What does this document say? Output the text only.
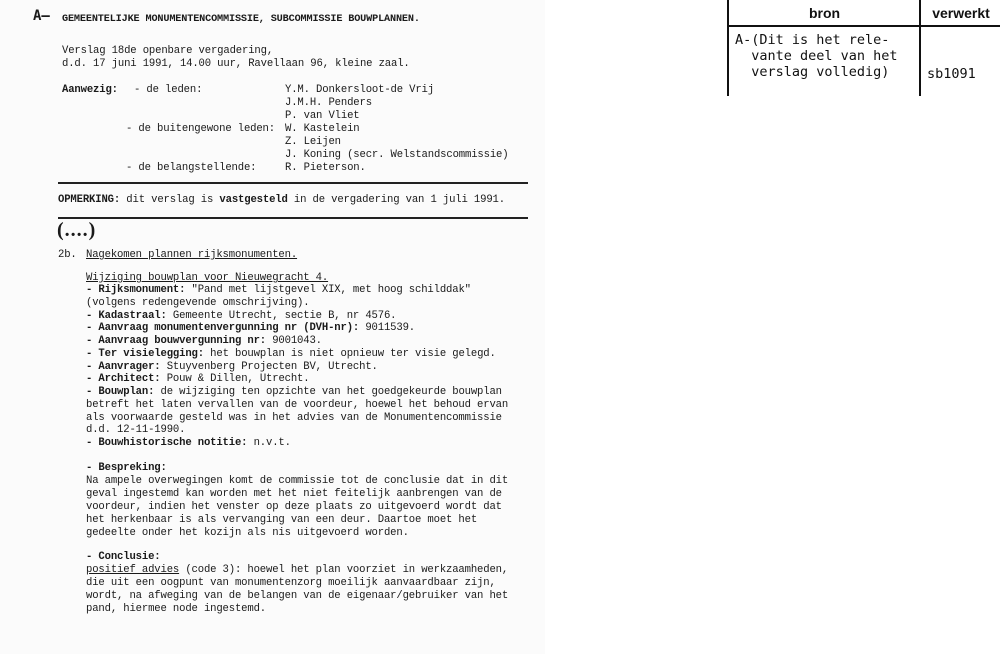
A— GEMEENTELIJKE MONUMENTENCOMMISSIE, SUBCOMMISSIE BOUWPLANNEN.
Verslag 18de openbare vergadering,
d.d. 17 juni 1991, 14.00 uur, Ravellaan 96, kleine zaal.
Aanwezig: - de leden:	Y.M. Donkersloot-de Vrij
J.M.H. Penders
P. van Vliet
- de buitengewone leden: W. Kastelein
Z. Leijen
J. Koning (secr. Welstandscommissie)
- de belangstellende:	R. Pieterson.
OPMERKING: dit verslag is vastgesteld in de vergadering van 1 juli 1991.
(....)
2b. Nagekomen plannen rijksmonumenten.
Wijziging bouwplan voor Nieuwegracht 4.
- Rijksmonument: "Pand met lijstgevel XIX, met hoog schilddak"
(volgens redengevende omschrijving).
- Kadastraal: Gemeente Utrecht, sectie B, nr 4576.
- Aanvraag monumentenvergunning nr (DVH-nr): 9011539.
- Aanvraag bouwvergunning nr: 9001043.
- Ter visielegging: het bouwplan is niet opnieuw ter visie gelegd.
- Aanvrager: Stuyvenberg Projecten BV, Utrecht.
- Architect: Pouw & Dillen, Utrecht.
- Bouwplan: de wijziging ten opzichte van het goedgekeurde bouwplan
betreft het laten vervallen van de voordeur, hoewel het behoud ervan
als voorwaarde gesteld was in het advies van de Monumentencommissie
d.d. 12-11-1990.
- Bouwhistorische notitie: n.v.t.
- Bespreking:
Na ampele overwegingen komt de commissie tot de conclusie dat in dit
geval ingestemd kan worden met het niet feitelijk aanbrengen van de
voordeur, indien het venster op deze plaats zo uitgevoerd wordt dat
het herkenbaar is als vervanging van een deur. Daartoe moet het
gedeelte onder het kozijn als nis uitgevoerd worden.
- Conclusie:
positief advies (code 3): hoewel het plan voorziet in werkzaamheden,
die uit een oogpunt van monumentenzorg moeilijk aanvaardbaar zijn,
wordt, na afweging van de belangen van de eigenaar/gebruiker van het
pand, hiermee node ingestemd.
bron	verwerkt
A-(Dit is het rele-
vante deel van het
verslag volledig)	sb1091
